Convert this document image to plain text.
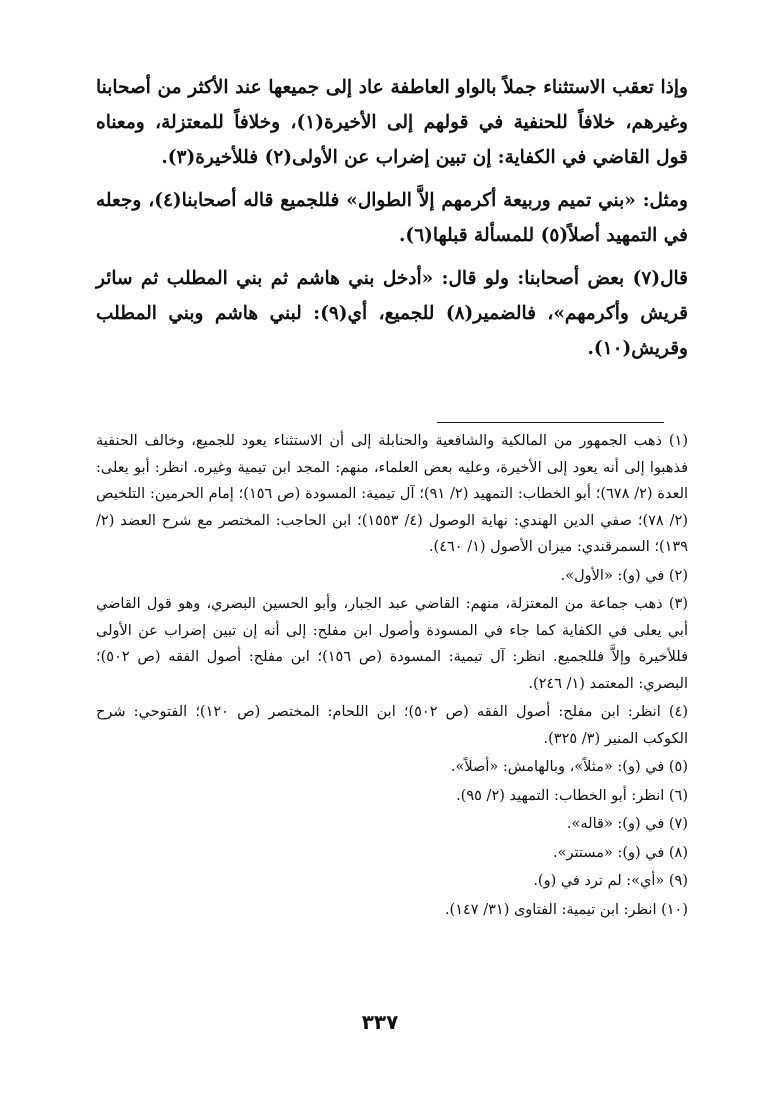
وإذا تعقب الاستثناء جملاً بالواو العاطفة عاد إلى جميعها عند الأكثر من أصحابنا وغيرهم، خلافاً للحنفية في قولهم إلى الأخيرة(١)، وخلافاً للمعتزلة، ومعناه قول القاضي في الكفاية: إن تبين إضراب عن الأولى(٢) فللأخيرة(٣).

ومثل: «بني تميم وربيعة أكرمهم إلاَّ الطوال» فللجميع قاله أصحابنا(٤)، وجعله في التمهيد أصلاً(٥) للمسألة قبلها(٦).

قال(٧) بعض أصحابنا: ولو قال: «أدخل بني هاشم ثم بني المطلب ثم سائر قريش وأكرمهم»، فالضمير(٨) للجميع، أي(٩): لبني هاشم وبني المطلب وقريش(١٠).

(١) ذهب الجمهور من المالكية والشافعية والحنابلة إلى أن الاستثناء يعود للجميع، وخالف الحنفية فذهبوا إلى أنه يعود إلى الأخيرة، وعليه بعض العلماء، منهم: المجد ابن تيمية وغيره. انظر: أبو يعلى: العدة (٢/ ٦٧٨)؛ أبو الخطاب: التمهيد (٢/ ٩١)؛ آل تيمية: المسودة (ص ١٥٦)؛ إمام الحرمين: التلخيص (٢/ ٧٨)؛ صفي الدين الهندي: نهاية الوصول (٤/ ١٥٥٣)؛ ابن الحاجب: المختصر مع شرح العضد (٢/ ١٣٩)؛ السمرقندي: ميزان الأصول (١/ ٤٦٠).

(٢) في (و): «الأول».

(٣) ذهب جماعة من المعتزلة، منهم: القاضي عبد الجبار، وأبو الحسين البصري، وهو قول القاضي أبي يعلى في الكفاية كما جاء في المسودة وأصول ابن مفلح: إلى أنه إن تبين إضراب عن الأولى فللأخيرة وإلاَّ فللجميع. انظر: آل تيمية: المسودة (ص ١٥٦)؛ ابن مفلح: أصول الفقه (ص ٥٠٢)؛ البصري: المعتمد (١/ ٢٤٦).

(٤) انظر: ابن مفلح: أصول الفقه (ص ٥٠٢)؛ ابن اللحام: المختصر (ص ١٢٠)؛ الفتوحي: شرح الكوكب المنير (٣/ ٣٢٥).

(٥) في (و): «مثلاً»، وبالهامش: «أصلاً».

(٦) انظر: أبو الخطاب: التمهيد (٢/ ٩٥).

(٧) في (و): «قاله».

(٨) في (و): «مستتر».

(٩) «أي»: لم ترد في (و).

(١٠) انظر: ابن تيمية: الفتاوى (٣١/ ١٤٧).

٣٣٧
